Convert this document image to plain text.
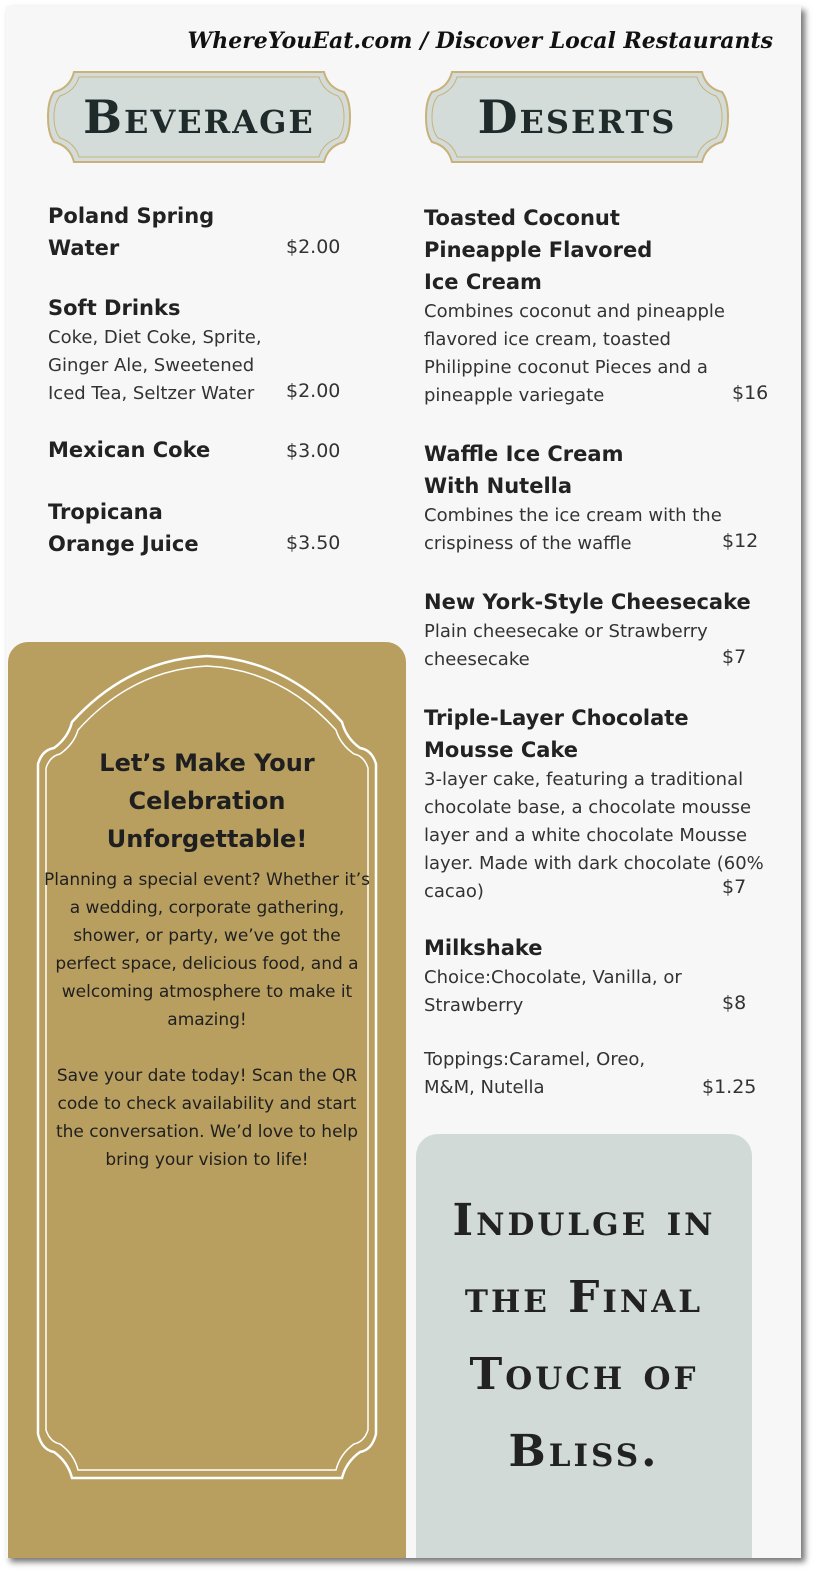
WhereYouEat.com / Discover Local Restaurants
Beverage	Deserts
Poland Spring Water	$2.00
Soft Drinks
Coke, Diet Coke, Sprite, Ginger Ale, Sweetened Iced Tea, Seltzer Water	$2.00
Mexican Coke	$3.00
Tropicana Orange Juice	$3.50
Toasted Coconut Pineapple Flavored Ice Cream
Combines coconut and pineapple flavored ice cream, toasted Philippine coconut Pieces and a pineapple variegate	$16
Waffle Ice Cream With Nutella
Combines the ice cream with the crispiness of the waffle	$12
New York-Style Cheesecake
Plain cheesecake or Strawberry cheesecake	$7
Triple-Layer Chocolate Mousse Cake
3-layer cake, featuring a traditional chocolate base, a chocolate mousse layer and a white chocolate Mousse layer. Made with dark chocolate (60% cacao)	$7
Milkshake
Choice:Chocolate, Vanilla, or Strawberry	$8
Toppings:Caramel, Oreo, M&M, Nutella	$1.25
Let’s Make Your Celebration Unforgettable!

Planning a special event? Whether it’s a wedding, corporate gathering, shower, or party, we’ve got the perfect space, delicious food, and a welcoming atmosphere to make it amazing!

Save your date today! Scan the QR code to check availability and start the conversation. We’d love to help bring your vision to life!

Indulge in the Final Touch of Bliss.
